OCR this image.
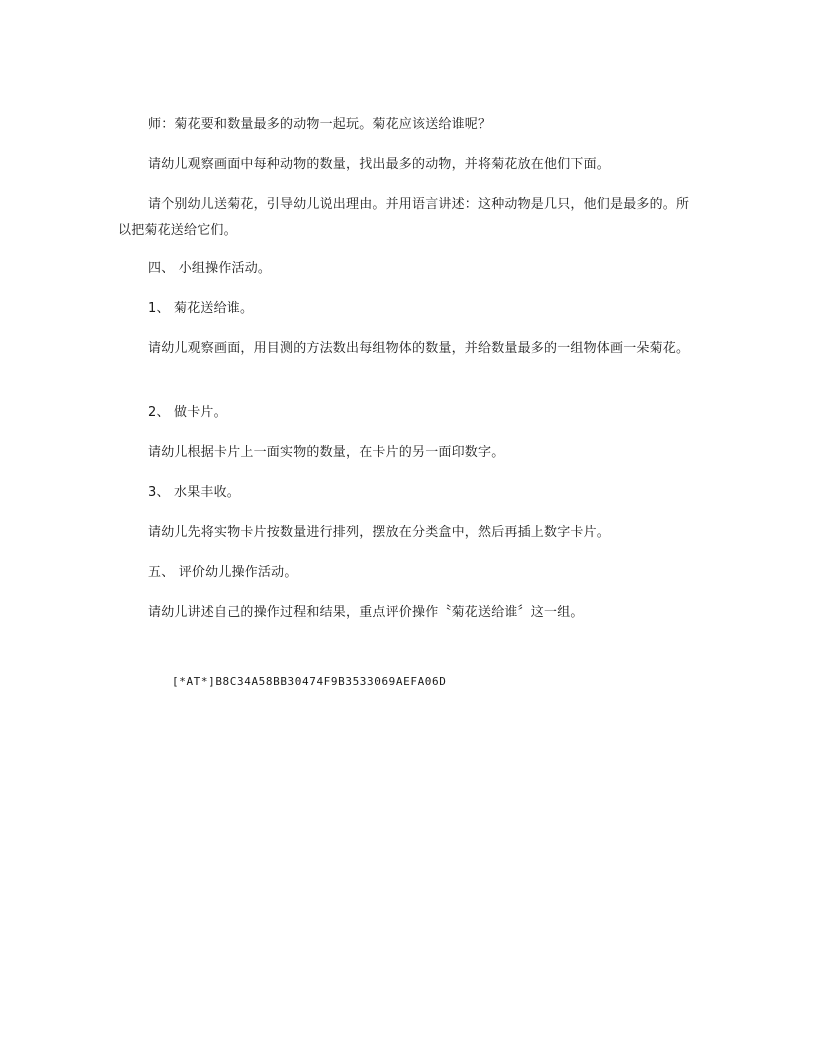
师：菊花要和数量最多的动物一起玩。菊花应该送给谁呢？

请幼儿观察画面中每种动物的数量，找出最多的动物，并将菊花放在他们下面。

请个别幼儿送菊花，引导幼儿说出理由。并用语言讲述：这种动物是几只，他们是最多的。所以把菊花送给它们。

四、 小组操作活动。

1、 菊花送给谁。

请幼儿观察画面，用目测的方法数出每组物体的数量，并给数量最多的一组物体画一朵菊花。

2、 做卡片。

请幼儿根据卡片上一面实物的数量，在卡片的另一面印数字。

3、 水果丰收。

请幼儿先将实物卡片按数量进行排列，摆放在分类盒中，然后再插上数字卡片。

五、 评价幼儿操作活动。

请幼儿讲述自己的操作过程和结果，重点评价操作〝菊花送给谁〞这一组。

[*AT*]B8C34A58BB30474F9B3533069AEFA06D
